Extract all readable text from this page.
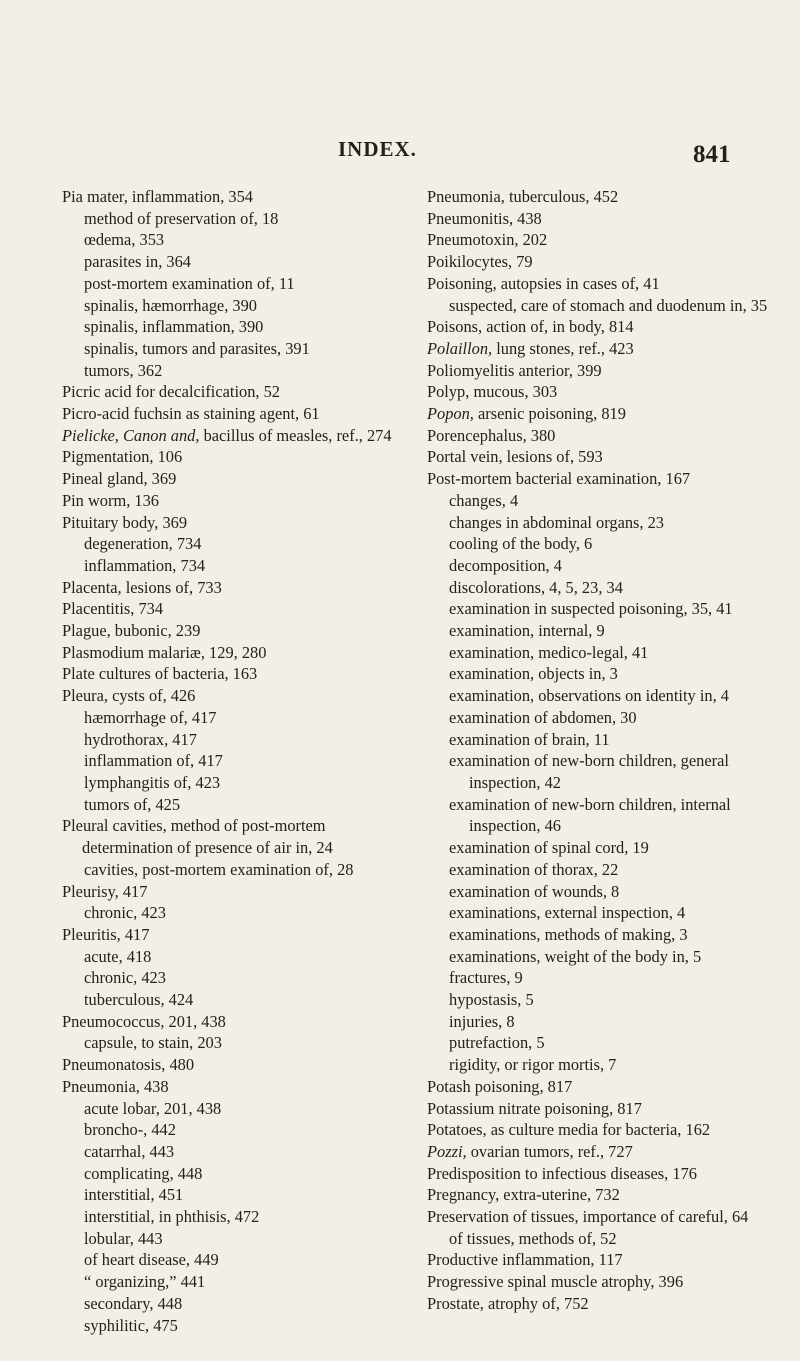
INDEX.	841
Pia mater, inflammation, 354
method of preservation of, 18
œdema, 353
parasites in, 364
post-mortem examination of, 11
spinalis, hæmorrhage, 390
spinalis, inflammation, 390
spinalis, tumors and parasites, 391
tumors, 362
Picric acid for decalcification, 52
Picro-acid fuchsin as staining agent, 61
Pielicke, Canon and, bacillus of measles, ref., 274
Pigmentation, 106
Pineal gland, 369
Pin worm, 136
Pituitary body, 369
degeneration, 734
inflammation, 734
Placenta, lesions of, 733
Placentitis, 734
Plague, bubonic, 239
Plasmodium malariæ, 129, 280
Plate cultures of bacteria, 163
Pleura, cysts of, 426
hæmorrhage of, 417
hydrothorax, 417
inflammation of, 417
lymphangitis of, 423
tumors of, 425
Pleural cavities, method of post-mortem determination of presence of air in, 24
cavities, post-mortem examination of, 28
Pleurisy, 417
chronic, 423
Pleuritis, 417
acute, 418
chronic, 423
tuberculous, 424
Pneumococcus, 201, 438
capsule, to stain, 203
Pneumonatosis, 480
Pneumonia, 438
acute lobar, 201, 438
broncho-, 442
catarrhal, 443
complicating, 448
interstitial, 451
interstitial, in phthisis, 472
lobular, 443
of heart disease, 449
“ organizing,” 441
secondary, 448
syphilitic, 475
Pneumonia, tuberculous, 452
Pneumonitis, 438
Pneumotoxin, 202
Poikilocytes, 79
Poisoning, autopsies in cases of, 41
suspected, care of stomach and duodenum in, 35
Poisons, action of, in body, 814
Polaillon, lung stones, ref., 423
Poliomyelitis anterior, 399
Polyp, mucous, 303
Popon, arsenic poisoning, 819
Porencephalus, 380
Portal vein, lesions of, 593
Post-mortem bacterial examination, 167
changes, 4
changes in abdominal organs, 23
cooling of the body, 6
decomposition, 4
discolorations, 4, 5, 23, 34
examination in suspected poisoning, 35, 41
examination, internal, 9
examination, medico-legal, 41
examination, objects in, 3
examination, observations on identity in, 4
examination of abdomen, 30
examination of brain, 11
examination of new-born children, general inspection, 42
examination of new-born children, internal inspection, 46
examination of spinal cord, 19
examination of thorax, 22
examination of wounds, 8
examinations, external inspection, 4
examinations, methods of making, 3
examinations, weight of the body in, 5
fractures, 9
hypostasis, 5
injuries, 8
putrefaction, 5
rigidity, or rigor mortis, 7
Potash poisoning, 817
Potassium nitrate poisoning, 817
Potatoes, as culture media for bacteria, 162
Pozzi, ovarian tumors, ref., 727
Predisposition to infectious diseases, 176
Pregnancy, extra-uterine, 732
Preservation of tissues, importance of careful, 64
of tissues, methods of, 52
Productive inflammation, 117
Progressive spinal muscle atrophy, 396
Prostate, atrophy of, 752
